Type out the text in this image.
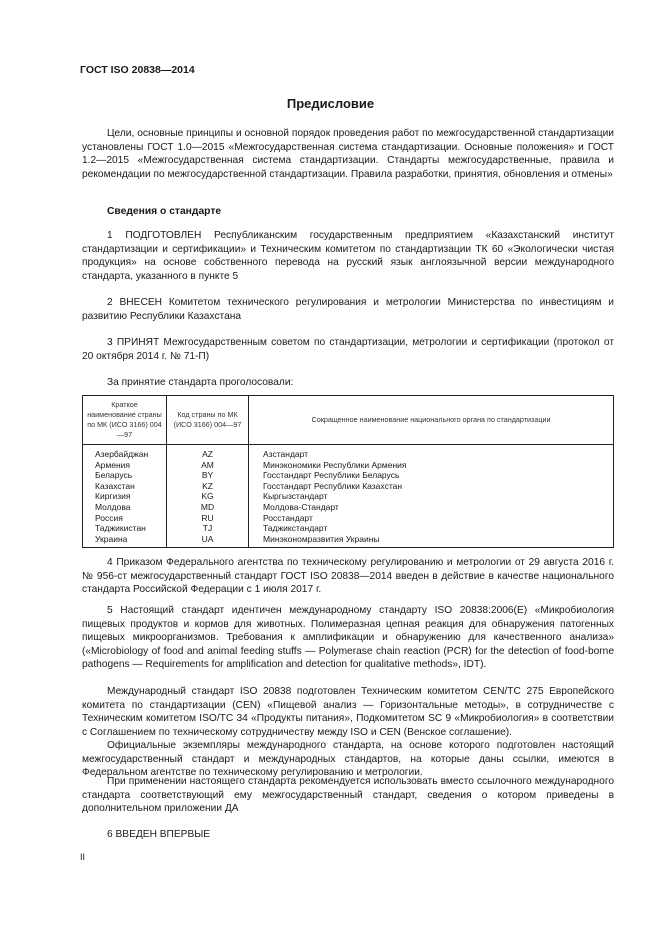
ГОСТ ISO 20838—2014
Предисловие

Цели, основные принципы и основной порядок проведения работ по межгосударственной стандартизации установлены ГОСТ 1.0—2015 «Межгосударственная система стандартизации. Основные положения» и ГОСТ 1.2—2015 «Межгосударственная система стандартизации. Стандарты межгосударственные, правила и рекомендации по межгосударственной стандартизации. Правила разработки, принятия, обновления и отмены»

Сведения о стандарте

1 ПОДГОТОВЛЕН Республиканским государственным предприятием «Казахстанский институт стандартизации и сертификации» и Техническим комитетом по стандартизации ТК 60 «Экологически чистая продукция» на основе собственного перевода на русский язык англоязычной версии международного стандарта, указанного в пункте 5

2 ВНЕСЕН Комитетом технического регулирования и метрологии Министерства по инвестициям и развитию Республики Казахстана

3 ПРИНЯТ Межгосударственным советом по стандартизации, метрологии и сертификации (протокол от 20 октября 2014 г. № 71-П)

За принятие стандарта проголосовали:

Краткое наименование страны по МК (ИСО 3166) 004—97	Код страны по МК (ИСО 3166) 004—97	Сокращенное наименование национального органа по стандартизации
Азербайджан	AZ	Азстандарт
Армения	AM	Минэкономики Республики Армения
Беларусь	BY	Госстандарт Республики Беларусь
Казахстан	KZ	Госстандарт Республики Казахстан
Киргизия	KG	Кыргызстандарт
Молдова	MD	Молдова-Стандарт
Россия	RU	Росстандарт
Таджикистан	TJ	Таджикстандарт
Украина	UA	Минэкономразвития Украины

4 Приказом Федерального агентства по техническому регулированию и метрологии от 29 августа 2016 г. № 956-ст межгосударственный стандарт ГОСТ ISO 20838—2014 введен в действие в качестве национального стандарта Российской Федерации с 1 июля 2017 г.

5 Настоящий стандарт идентичен международному стандарту ISO 20838:2006(E) «Микробиология пищевых продуктов и кормов для животных. Полимеразная цепная реакция для обнаружения патогенных пищевых микроорганизмов. Требования к амплификации и обнаружению для качественного анализа» («Microbiology of food and animal feeding stuffs — Polymerase chain reaction (PCR) for the detection of food-borne pathogens — Requirements for amplification and detection for qualitative methods», IDT).

Международный стандарт ISO 20838 подготовлен Техническим комитетом CEN/TC 275 Европейского комитета по стандартизации (CEN) «Пищевой анализ — Горизонтальные методы», в сотрудничестве с Техническим комитетом ISO/TC 34 «Продукты питания», Подкомитетом SC 9 «Микробиология» в соответствии с Соглашением по техническому сотрудничеству между ISO и CEN (Венское соглашение).

Официальные экземпляры международного стандарта, на основе которого подготовлен настоящий межгосударственный стандарт и международных стандартов, на которые даны ссылки, имеются в Федеральном агентстве по техническому регулированию и метрологии.

При применении настоящего стандарта рекомендуется использовать вместо ссылочного международного стандарта соответствующий ему межгосударственный стандарт, сведения о котором приведены в дополнительном приложении ДА

6 ВВЕДЕН ВПЕРВЫЕ

II
